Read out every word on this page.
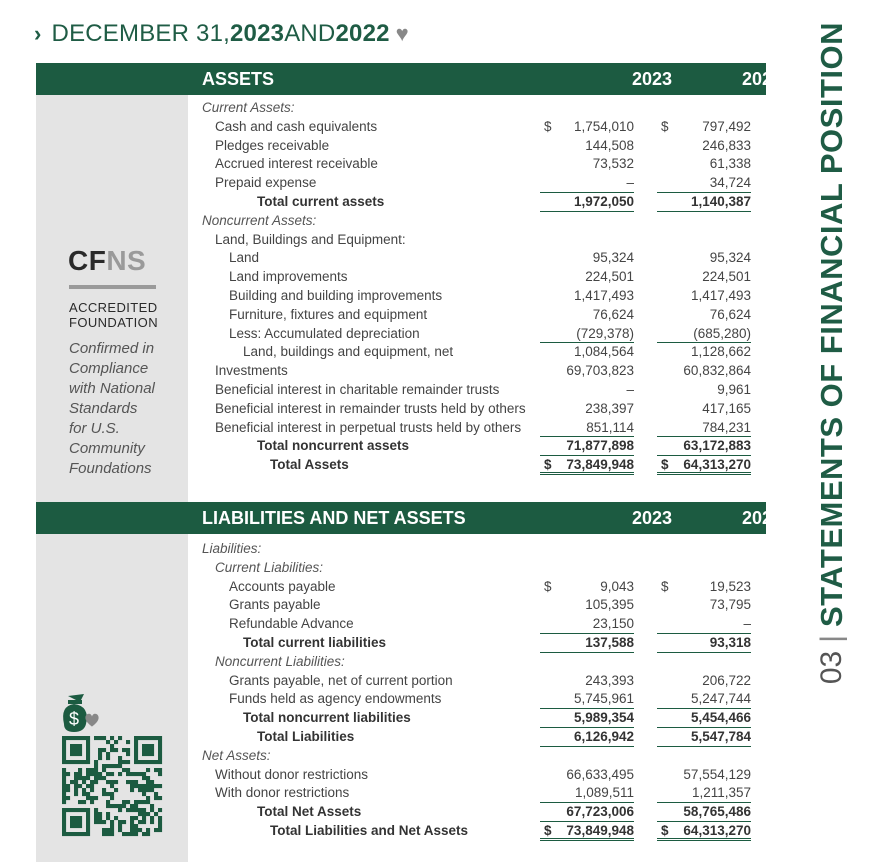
› DECEMBER 31, 2023 AND 2022 ♥
03
|
STATEMENTS OF FINANCIAL POSITION
ASSETS	2023	2022
CFNS
ACCREDITED
FOUNDATION
Confirmed in
Compliance
with National
Standards
for U.S.
Community
Foundations
Current Assets:
Cash and cash equivalents	$ 1,754,010 $ 797,492
Pledges receivable	144,508	246,833
Accrued interest receivable	73,532	61,338
Prepaid expense	–	34,724
Total current assets	1,972,050	1,140,387
Noncurrent Assets:
Land, Buildings and Equipment:
Land	95,324	95,324
Land improvements	224,501	224,501
Building and building improvements	1,417,493	1,417,493
Furniture, fixtures and equipment	76,624	76,624
Less: Accumulated depreciation	(729,378)	(685,280)
Land, buildings and equipment, net	1,084,564	1,128,662
Investments	69,703,823	60,832,864
Beneficial interest in charitable remainder trusts	–	9,961
Beneficial interest in remainder trusts held by others	238,397	417,165
Beneficial interest in perpetual trusts held by others	851,114	784,231
Total noncurrent assets	71,877,898	63,172,883
Total Assets	$ 73,849,948 $ 64,313,270
LIABILITIES AND NET ASSETS	2023	2022
Liabilities:
Current Liabilities:
Accounts payable	$	9,043 $	19,523
Grants payable	105,395	73,795
Refundable Advance	23,150	–
Total current liabilities	137,588	93,318
Noncurrent Liabilities:
Grants payable, net of current portion	243,393	206,722
Funds held as agency endowments	5,745,961	5,247,744
Total noncurrent liabilities	5,989,354	5,454,466
Total Liabilities	6,126,942	5,547,784
Net Assets:
Without donor restrictions	66,633,495	57,554,129
With donor restrictions	1,089,511	1,211,357
Total Net Assets	67,723,006	58,765,486
Total Liabilities and Net Assets	$ 73,849,948 $ 64,313,270
$
